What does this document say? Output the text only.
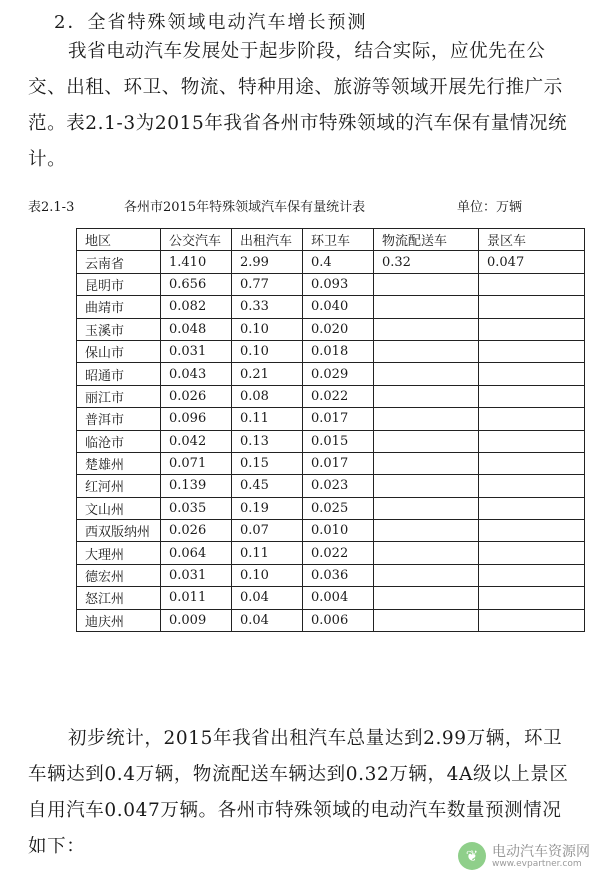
2．全省特殊领域电动汽车增长预测

我省电动汽车发展处于起步阶段，结合实际，应优先在公交、出租、环卫、物流、特种用途、旅游等领域开展先行推广示范。表2.1-3为2015年我省各州市特殊领域的汽车保有量情况统计。

表2.1-3	各州市2015年特殊领域汽车保有量统计表	单位：万辆
地区	公交汽车	出租汽车	环卫车	物流配送车	景区车
云南省	1.410	2.99	0.4	0.32	0.047
昆明市	0.656	0.77	0.093		
曲靖市	0.082	0.33	0.040		
玉溪市	0.048	0.10	0.020		
保山市	0.031	0.10	0.018		
昭通市	0.043	0.21	0.029		
丽江市	0.026	0.08	0.022		
普洱市	0.096	0.11	0.017		
临沧市	0.042	0.13	0.015		
楚雄州	0.071	0.15	0.017		
红河州	0.139	0.45	0.023		
文山州	0.035	0.19	0.025		
西双版纳州	0.026	0.07	0.010		
大理州	0.064	0.11	0.022		
德宏州	0.031	0.10	0.036		
怒江州	0.011	0.04	0.004		
迪庆州	0.009	0.04	0.006		

初步统计，2015年我省出租汽车总量达到2.99万辆，环卫车辆达到0.4万辆，物流配送车辆达到0.32万辆，4A级以上景区自用汽车0.047万辆。各州市特殊领域的电动汽车数量预测情况如下：	❦ 电动汽车资源网
www.evpartner.com
